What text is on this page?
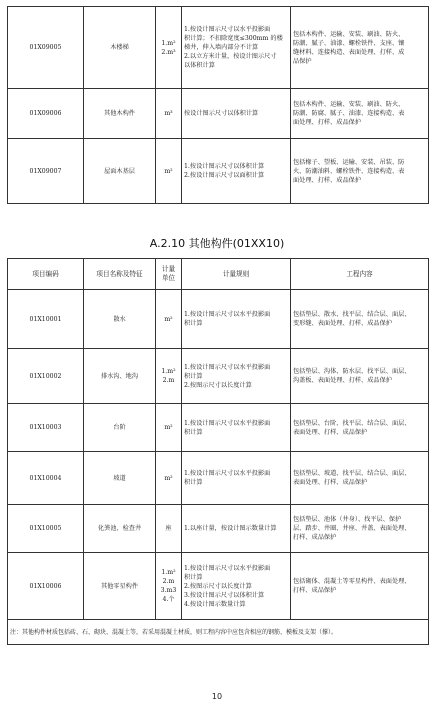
01X09005	木楼梯	1.m²
2.m³	1.按设计图示尺寸以水平投影面
积计算；不扣除宽度≤300mm 的楼
梯井，伸入墙内部分不计算
2.以立方米计量，按设计图示尺寸
以体积计算	包括木构件、运输、安装、刷油、防火、
防潮、腻子、油漆、螺栓铁件、支座、镶
缝材料、连接构造、表面处理、打样、成
品保护

01X09006	其他木构件	m³	按设计图示尺寸以体积计算	包括木构件、运输、安装、刷油、防火、
防潮、防腐、腻子、油漆、连接构造、表
面处理、打样、成品保护

01X09007	屋面木基层	m²	1.按设计图示尺寸以体积计算
2.按设计图示尺寸以面积计算	包括椽子、望板、运输、安装、吊装、防
火、防潮油料、螺栓铁件、连接构造、表
面处理、打样、成品保护
A.2.10 其他构件(01XX10)
项目编码	项目名称及特征	计量
单位	计量规则	工程内容
01X10001	散水	m²	1.按设计图示尺寸以水平投影面
积计算	包括垫层、散水、找平层、结合层、面层、
变形缝、表面处理、打样、成品保护

01X10002	排水沟、地沟	1.m²
2.m	1.按设计图示尺寸以水平投影面
积计算
2.按图示尺寸以长度计算	包括垫层、沟体、防水层、找平层、面层、
沟盖板、表面处理、打样、成品保护

01X10003	台阶	m²	1.按设计图示尺寸以水平投影面
积计算	包括垫层、台阶、找平层、结合层、面层、
表面处理、打样、成品保护

01X10004	坡道	m²	1.按设计图示尺寸以水平投影面
积计算	包括垫层、坡道、找平层、结合层、面层、
表面处理、打样、成品保护

01X10005	化粪池、检查井	座	1.以座计量，按设计图示数量计算	包括垫层、池体（井身）、找平层、保护
层、踏步、井圈、井座、井盖、表面处理、
打样、成品保护

01X10006	其他零星构件	1.m²
2.m
3.m3
4.个	1.按设计图示尺寸以水平投影面
积计算
2.按图示尺寸以长度计算
3.按设计图示尺寸以体积计算
4.按设计图示数量计算	包括砌体、混凝土等零星构件、表面处理、
打样、成品保护

注：其他构件材质包括砖、石、砌块、混凝土等，若采用混凝土材质，则工程内容中应包含相应的钢筋、模板及支架（撑）。				
10
